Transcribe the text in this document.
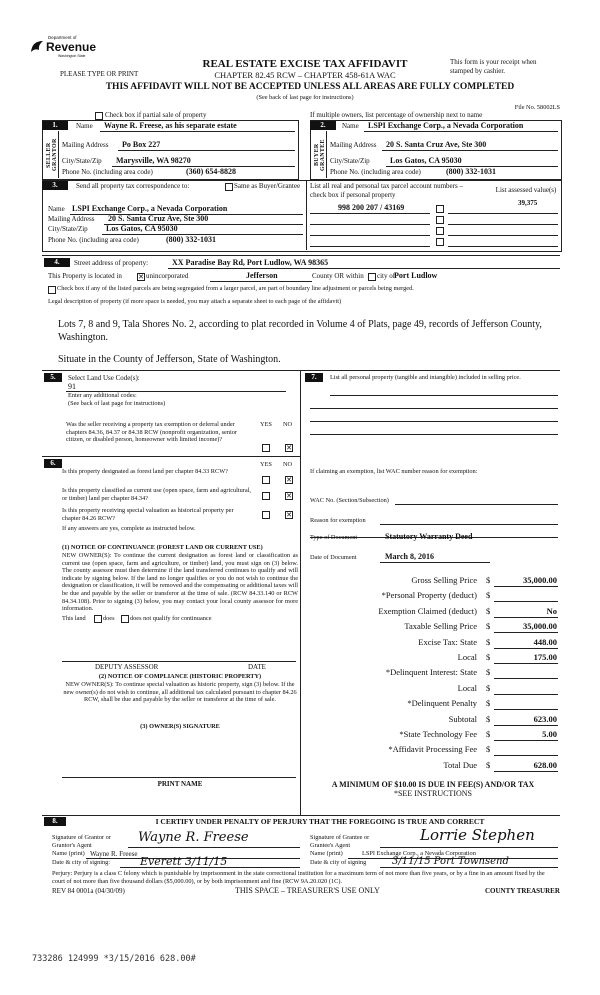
Department of
Revenue
Washington State
PLEASE TYPE OR PRINT
REAL ESTATE EXCISE TAX AFFIDAVIT
CHAPTER 82.45 RCW – CHAPTER 458-61A WAC
THIS AFFIDAVIT WILL NOT BE ACCEPTED UNLESS ALL AREAS ARE FULLY COMPLETED
(See back of last page for instructions)
This form is your receipt when stamped by cashier.
File No. 58002LS
Check box if partial sale of property	If multiple owners, list percentage of ownership next to name
1.	2.
SELLER GRANTOR	BUYER GRANTEE
Name Wayne R. Freese, as his separate estate
Mailing Address Po Box 227
City/State/Zip Marysville, WA 98270
Phone No. (including area code)	(360) 654-8828
Name LSPI Exchange Corp., a Nevada Corporation
Mailing Address 20 S. Santa Cruz Ave, Ste 300
City/State/Zip	Los Gatos, CA 95030
Phone No. (including area code)	(800) 332-1031
3.	Send all property tax correspondence to:	Same as Buyer/Grantee
Name LSPI Exchange Corp., a Nevada Corporation
Mailing Address 20 S. Santa Cruz Ave, Ste 300
City/State/Zip Los Gatos, CA 95030
Phone No. (including area code)	(800) 332-1031
List all real and personal tax parcel account numbers – check box if personal property
List assessed value(s)
998 200 207 / 43169	39,375
4.	Street address of property:	XX Paradise Bay Rd, Port Ludlow, WA 98365
This Property is located in ✕ unincorporated	Jefferson	County OR within city of
Port Ludlow
Check box if any of the listed parcels are being segregated from a larger parcel, are part of boundary line adjustment or parcels being merged.
Legal description of property (if more space is needed, you may attach a separate sheet to each page of the affidavit)
Lots 7, 8 and 9, Tala Shores No. 2, according to plat recorded in Volume 4 of Plats, page 49, records of Jefferson County, Washington.
Situate in the County of Jefferson, State of Washington.
5.	Select Land Use Code(s):
91
Enter any additional codes:
(See back of last page for instructions)
YES NO
Was the seller receiving a property tax exemption or deferral under chapters 84.36, 84.37 or 84.38 RCW (nonprofit organization, senior citizen, or disabled person, homeowner with limited income)?
✕
6.	YES NO
Is this property designated as forest land per chapter 84.33 RCW?
✕
Is this property classified as current use (open space, farm and agricultural, or timber) land per chapter 84.34?	✕
Is this property receiving special valuation as historical property per chapter 84.26 RCW?	✕
If any answers are yes, complete as instructed below.
(1) NOTICE OF CONTINUANCE (FOREST LAND OR CURRENT USE)
NEW OWNER(S): To continue the current designation as forest land or classification as current use (open space, farm and agriculture, or timber) land, you must sign on (3) below. The county assessor must then determine if the land transferred continues to qualify and will indicate by signing below. If the land no longer qualifies or you do not wish to continue the designation or classification, it will be removed and the compensating or additional taxes will be due and payable by the seller or transferor at the time of sale. (RCW 84.33.140 or RCW 84.34.108). Prior to signing (3) below, you may contact your local county assessor for more information.
This land	does does not qualify for continuance
DEPUTY ASSESSOR	DATE
(2) NOTICE OF COMPLIANCE (HISTORIC PROPERTY)
NEW OWNER(S): To continue special valuation as historic property, sign (3) below. If the new owner(s) do not wish to continue, all additional tax calculated pursuant to chapter 84.26 RCW, shall be due and payable by the seller or transferor at the time of sale.
(3) OWNER(S) SIGNATURE
PRINT NAME
7.	List all personal property (tangible and intangible) included in selling price.
If claiming an exemption, list WAC number reason for exemption:
WAC No. (Section/Subsection)
Reason for exemption
Type of Document	Statutory Warranty Deed
Date of Document	March 8, 2016
Gross Selling Price $	35,000.00
*Personal Property (deduct) $
Exemption Claimed (deduct) $	No
Taxable Selling Price $	35,000.00
Excise Tax: State $	448.00
Local $	175.00
*Delinquent Interest: State $
Local $
*Delinquent Penalty $
Subtotal $	623.00
*State Technology Fee $	5.00
*Affidavit Processing Fee $
Total Due $	628.00
A MINIMUM OF $10.00 IS DUE IN FEE(S) AND/OR TAX
*SEE INSTRUCTIONS
8.	I CERTIFY UNDER PENALTY OF PERJURY THAT THE FOREGOING IS TRUE AND CORRECT
Signature of Grantor or Grantor's Agent
Wayne R. Freese
Name (print) Wayne R. Freese
Date & city of signing:	Everett 3/11/15
Signature of Grantee or Grantee's Agent
Lorrie Stephen
Name (print)	LSPI Exchange Corp., a Nevada Corporation
Date & city of signing	3/11/15 Port Townsend
Perjury: Perjury is a class C felony which is punishable by imprisonment in the state correctional institution for a maximum term of not more than five years, or by a fine in an amount fixed by the court of not more than five thousand dollars ($5,000.00), or by both imprisonment and fine (RCW 9A.20.020 (1C).
REV 84 0001a (04/30/09)	THIS SPACE – TREASURER'S USE ONLY	COUNTY TREASURER
733286 124999 *3/15/2016 628.00#
